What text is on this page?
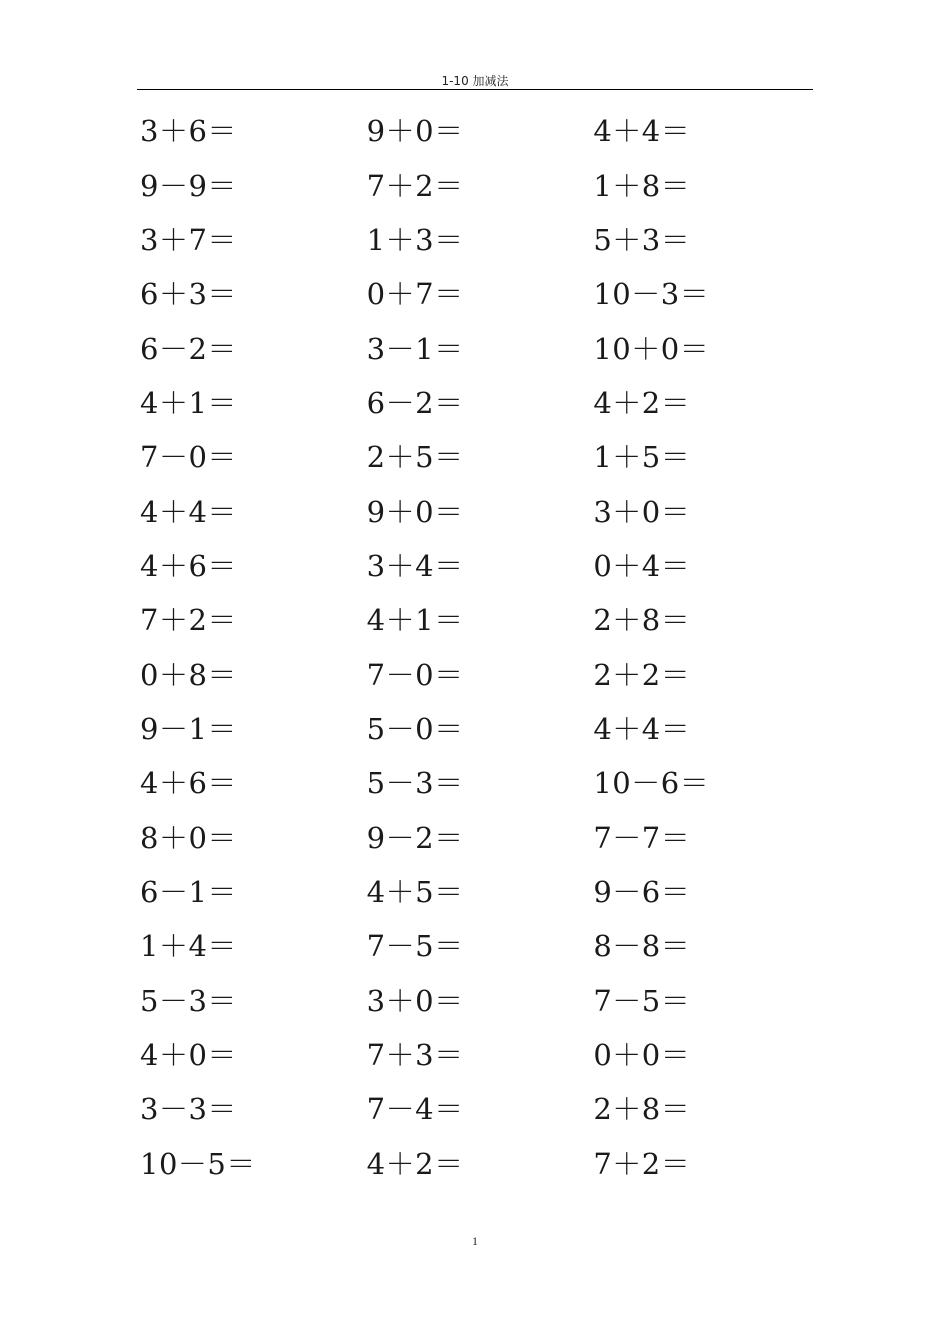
1-10 加减法
3＋6＝	9＋0＝	4＋4＝
9－9＝	7＋2＝	1＋8＝
3＋7＝	1＋3＝	5＋3＝
6＋3＝	0＋7＝	10－3＝
6－2＝	3－1＝	10＋0＝
4＋1＝	6－2＝	4＋2＝
7－0＝	2＋5＝	1＋5＝
4＋4＝	9＋0＝	3＋0＝
4＋6＝	3＋4＝	0＋4＝
7＋2＝	4＋1＝	2＋8＝
0＋8＝	7－0＝	2＋2＝
9－1＝	5－0＝	4＋4＝
4＋6＝	5－3＝	10－6＝
8＋0＝	9－2＝	7－7＝
6－1＝	4＋5＝	9－6＝
1＋4＝	7－5＝	8－8＝
5－3＝	3＋0＝	7－5＝
4＋0＝	7＋3＝	0＋0＝
3－3＝	7－4＝	2＋8＝
10－5＝	4＋2＝	7＋2＝
1
